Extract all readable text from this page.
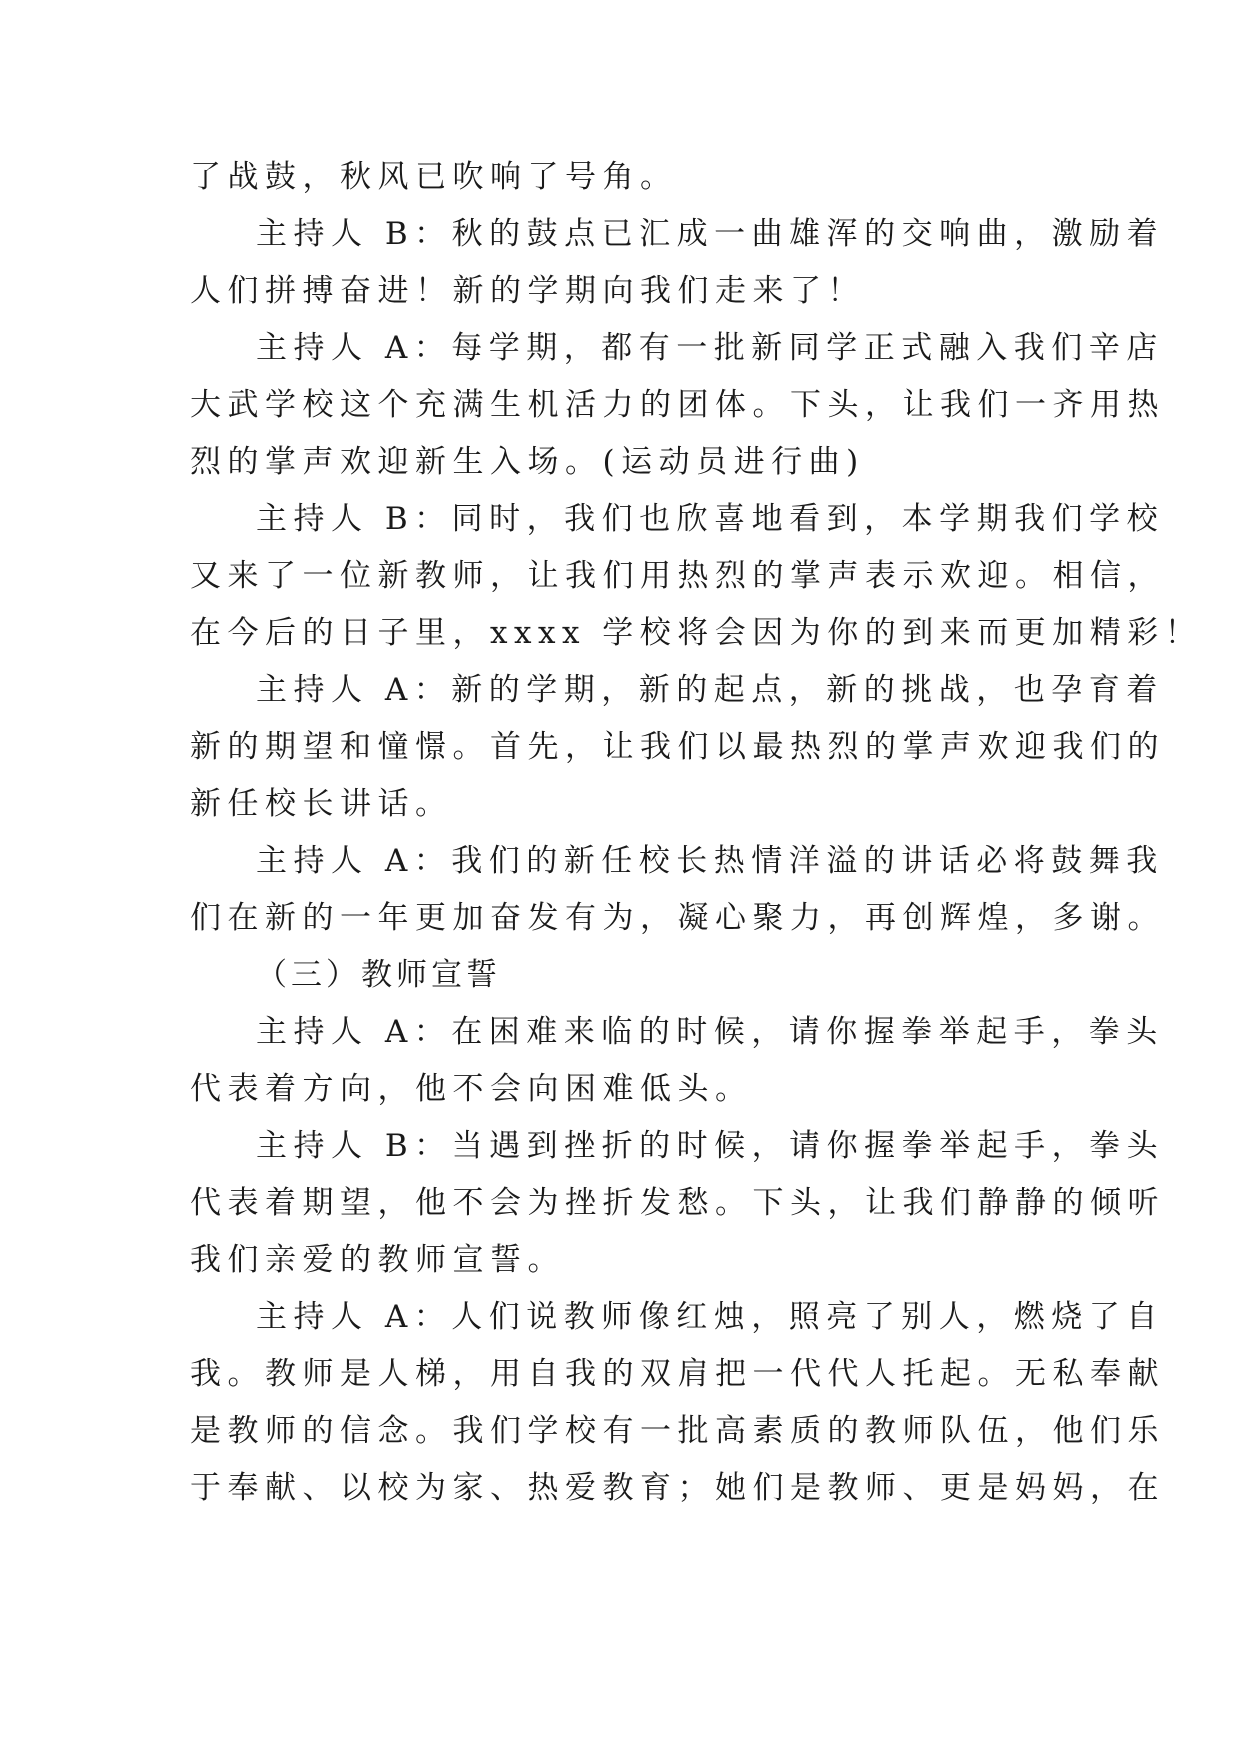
了战鼓，秋风已吹响了号角。
主持人 B：秋的鼓点已汇成一曲雄浑的交响曲，激励着
人们拼搏奋进！新的学期向我们走来了！
主持人 A：每学期，都有一批新同学正式融入我们辛店
大武学校这个充满生机活力的团体。下头，让我们一齐用热
烈的掌声欢迎新生入场。(运动员进行曲)
主持人 B：同时，我们也欣喜地看到，本学期我们学校
又来了一位新教师，让我们用热烈的掌声表示欢迎。相信，
在今后的日子里，xxxx 学校将会因为你的到来而更加精彩！
主持人 A：新的学期，新的起点，新的挑战，也孕育着
新的期望和憧憬。首先，让我们以最热烈的掌声欢迎我们的
新任校长讲话。
主持人 A：我们的新任校长热情洋溢的讲话必将鼓舞我
们在新的一年更加奋发有为，凝心聚力，再创辉煌，多谢。
（三）教师宣誓
主持人 A：在困难来临的时候，请你握拳举起手，拳头
代表着方向，他不会向困难低头。
主持人 B：当遇到挫折的时候，请你握拳举起手，拳头
代表着期望，他不会为挫折发愁。下头，让我们静静的倾听
我们亲爱的教师宣誓。
主持人 A：人们说教师像红烛，照亮了别人，燃烧了自
我。教师是人梯，用自我的双肩把一代代人托起。无私奉献
是教师的信念。我们学校有一批高素质的教师队伍，他们乐
于奉献、以校为家、热爱教育；她们是教师、更是妈妈，在
